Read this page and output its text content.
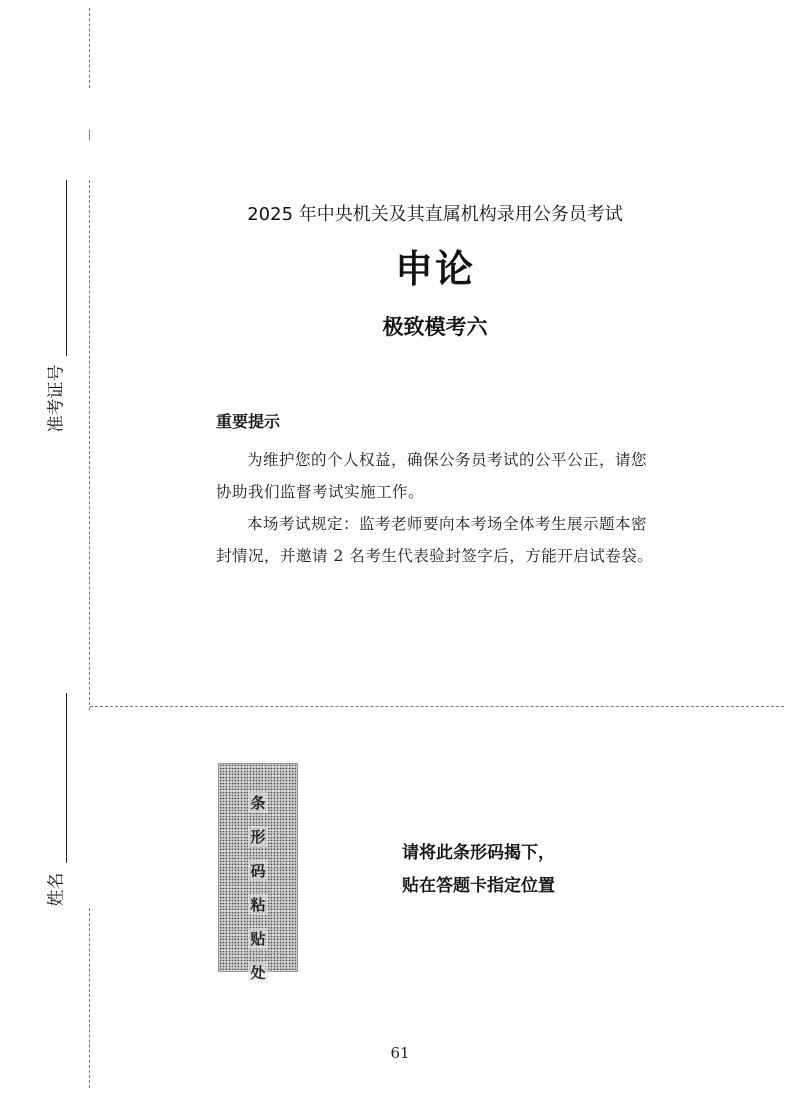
准考证号
姓名
2025 年中央机关及其直属机构录用公务员考试
申论
极致模考六
重要提示
为维护您的个人权益，确保公务员考试的公平公正，请您协助我们监督考试实施工作。
本场考试规定：监考老师要向本考场全体考生展示题本密封情况，并邀请 2 名考生代表验封签字后，方能开启试卷袋。
条
形
码
粘
贴
处
请将此条形码揭下，
贴在答题卡指定位置
61
